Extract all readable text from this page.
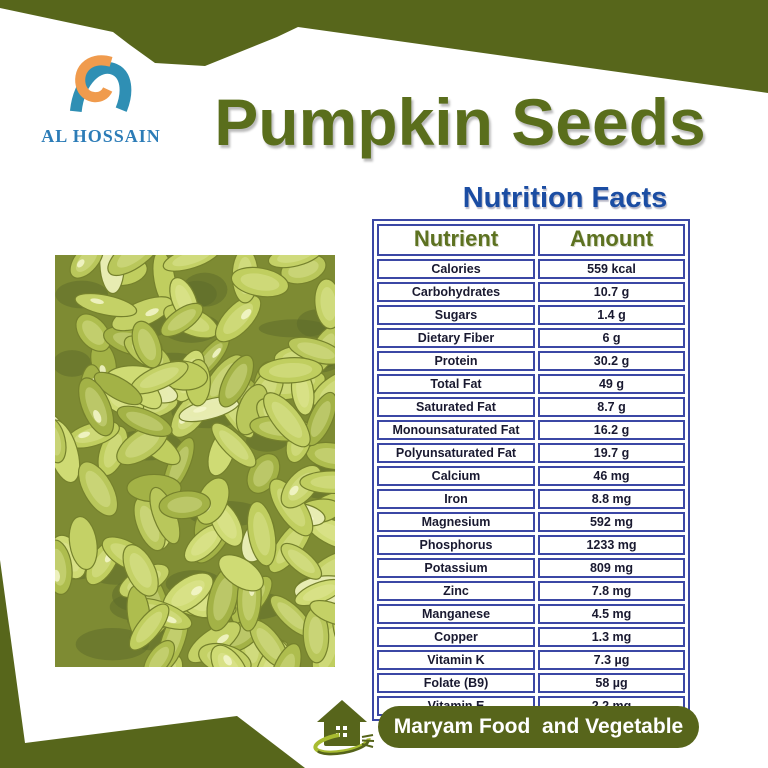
AL HOSSAIN Pumpkin Seeds
Nutrition Facts
Nutrient	Amount
Calories	559 kcal
Carbohydrates	10.7 g
Sugars	1.4 g
Dietary Fiber	6 g
Protein	30.2 g
Total Fat	49 g
Saturated Fat	8.7 g
Monounsaturated Fat	16.2 g
Polyunsaturated Fat	19.7 g
Calcium	46 mg
Iron	8.8 mg
Magnesium	592 mg
Phosphorus	1233 mg
Potassium	809 mg
Zinc	7.8 mg
Manganese	4.5 mg
Copper	1.3 mg
Vitamin K	7.3 µg
Folate (B9)	58 µg

Maryam Food  and Vegetable
